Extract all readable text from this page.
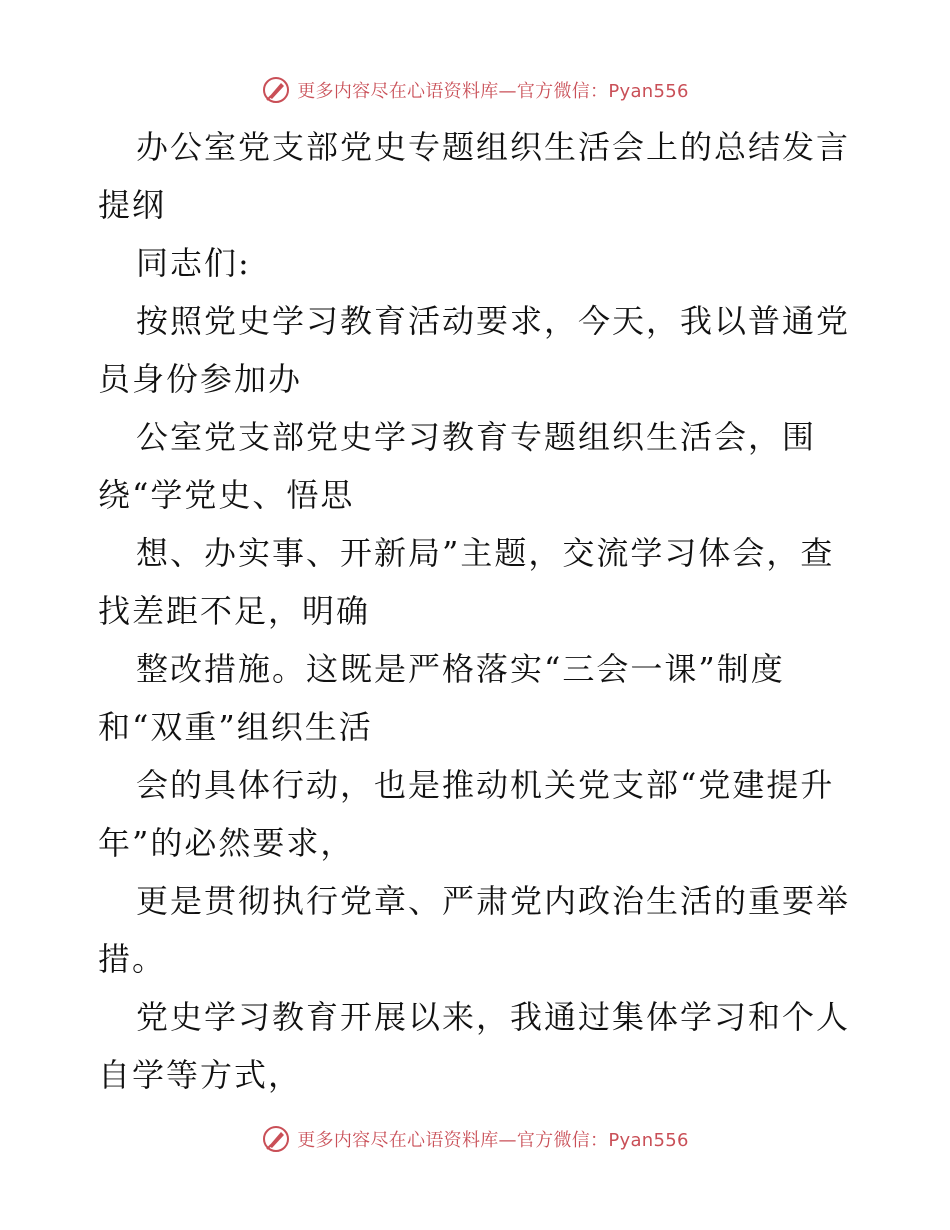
更多内容尽在心语资料库—官方微信：Pyan556
办公室党支部党史专题组织生活会上的总结发言
提纲
同志们:
按照党史学习教育活动要求，今天，我以普通党
员身份参加办
公室党支部党史学习教育专题组织生活会，围
绕“学党史、悟思
想、办实事、开新局”主题，交流学习体会，查
找差距不足，明确
整改措施。这既是严格落实“三会一课”制度
和“双重”组织生活
会的具体行动，也是推动机关党支部“党建提升
年”的必然要求，
更是贯彻执行党章、严肃党内政治生活的重要举
措。
党史学习教育开展以来，我通过集体学习和个人
自学等方式，
更多内容尽在心语资料库—官方微信：Pyan556
